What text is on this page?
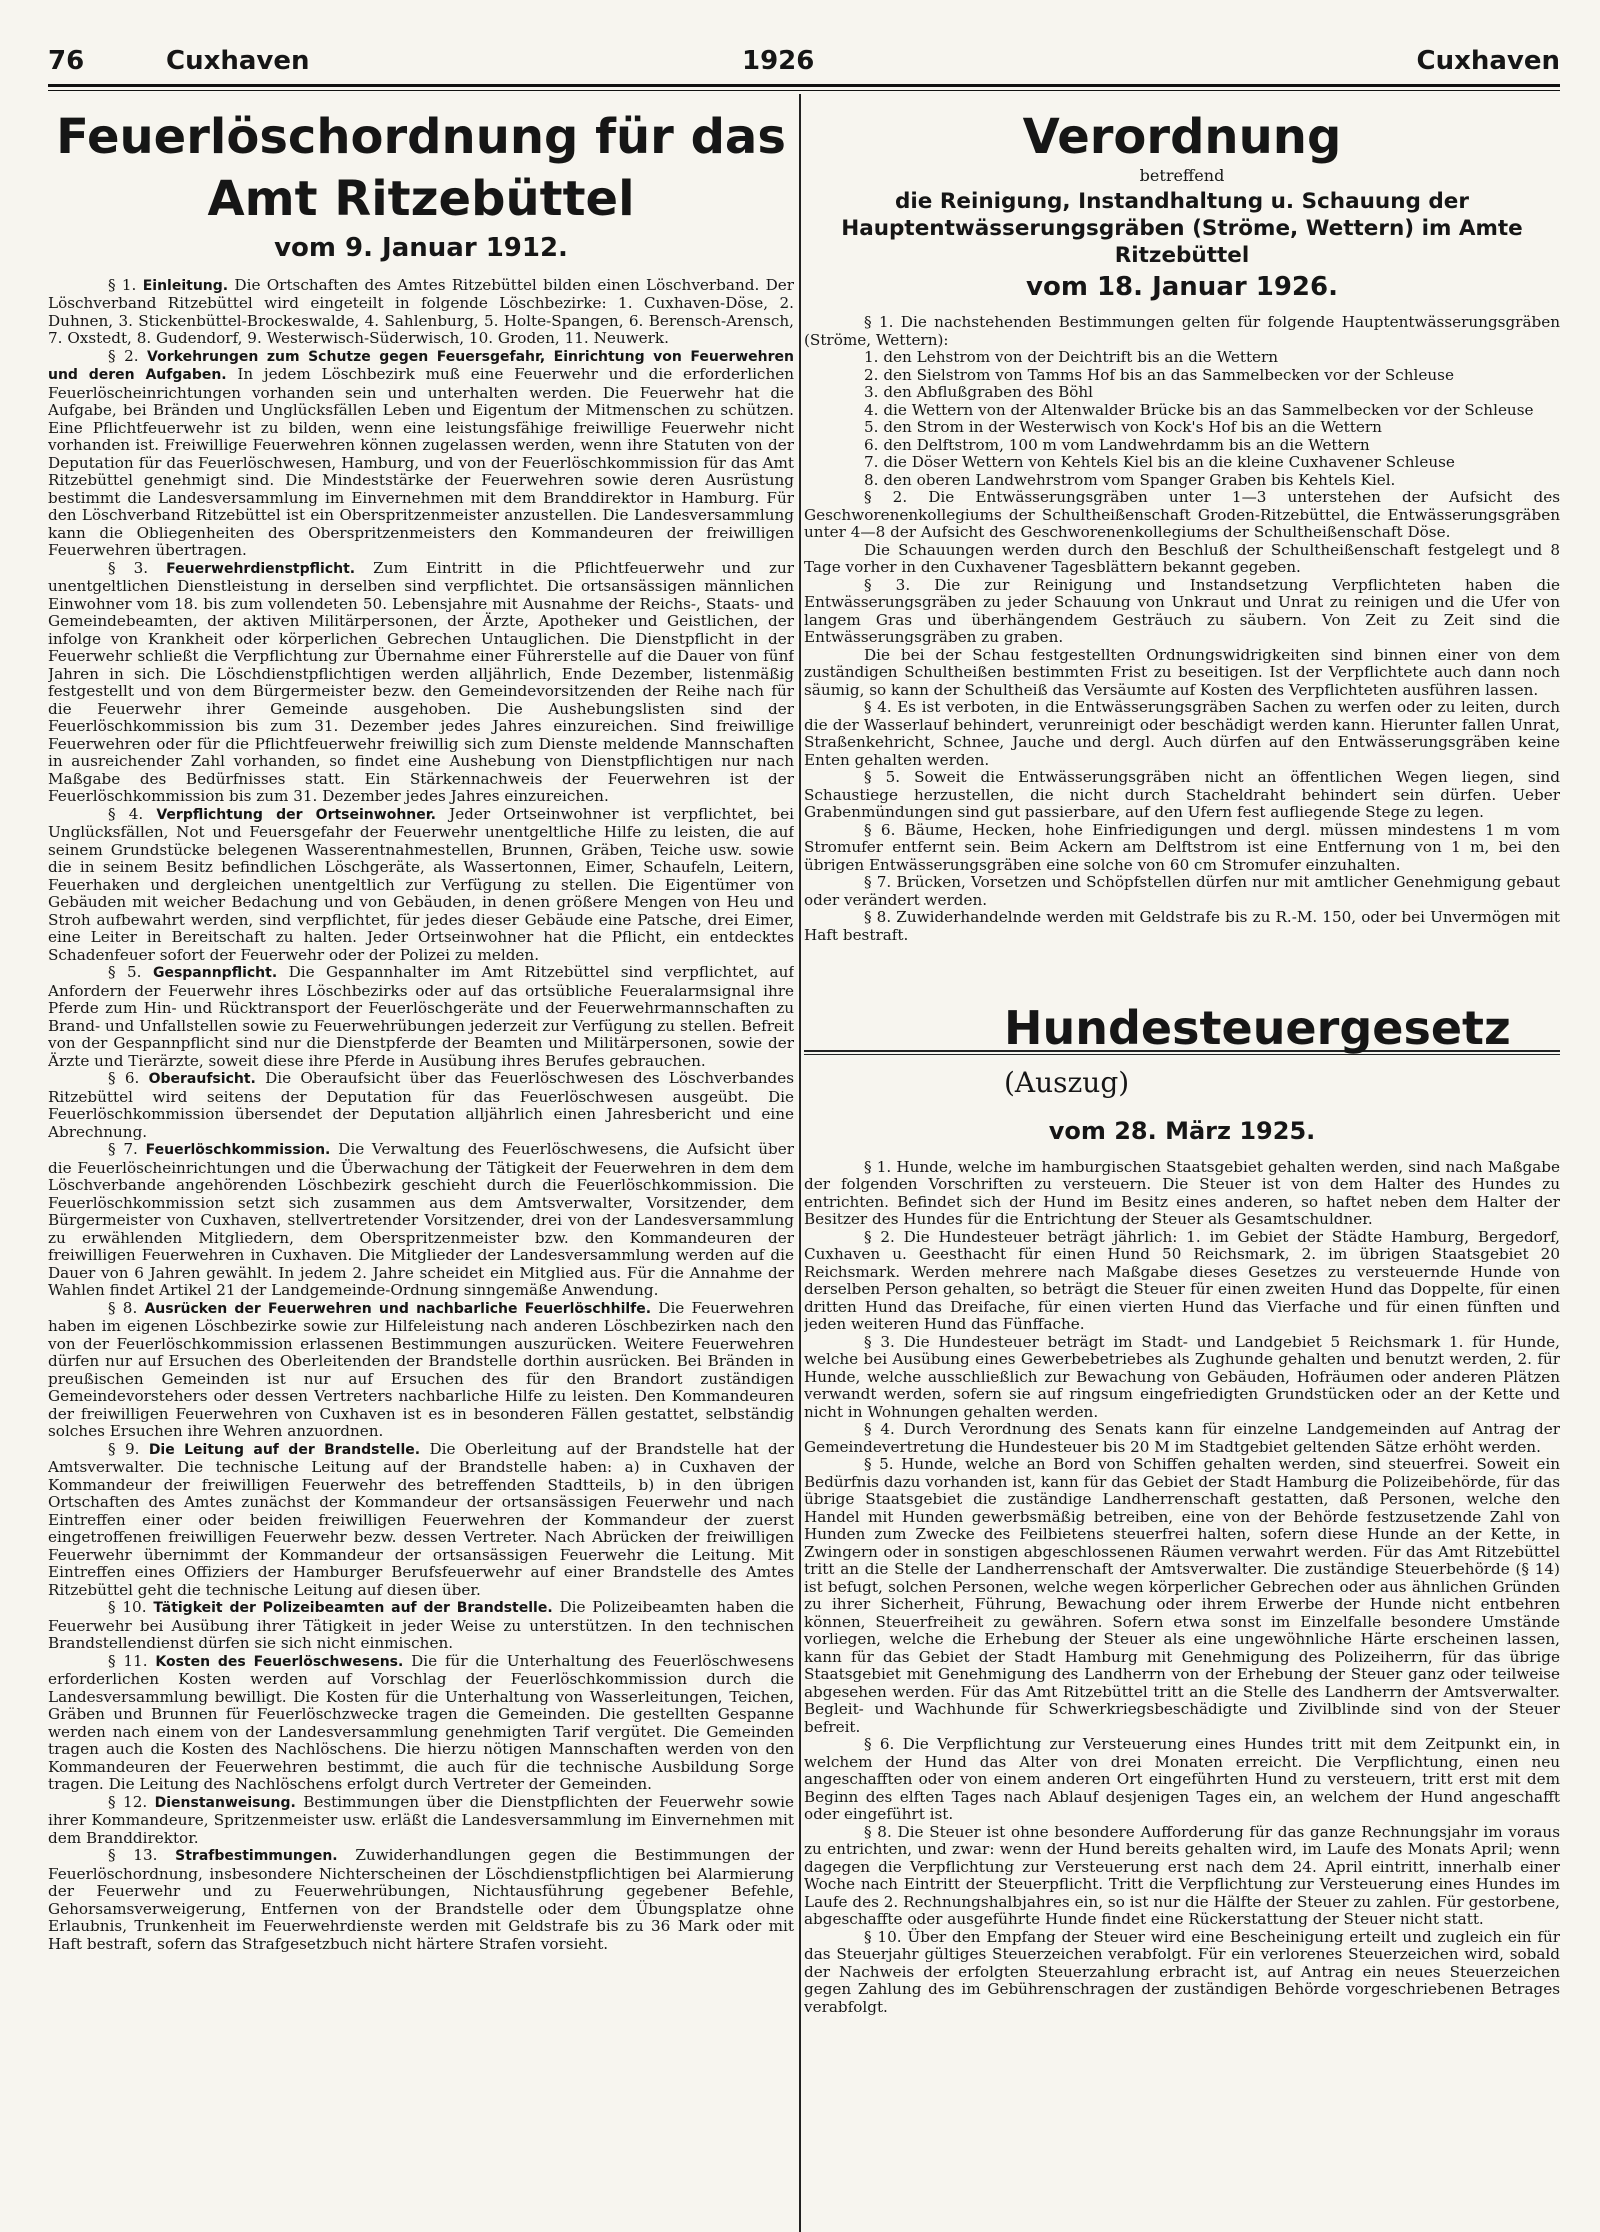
76	Cuxhaven	1926	Cuxhaven
Feuerlöschordnung für das
Amt Ritzebüttel
vom 9. Januar 1912.

§ 1. Einleitung. Die Ortschaften des Amtes Ritzebüttel bilden einen Löschverband. Der Löschverband Ritzebüttel wird eingeteilt in folgende Löschbezirke: 1. Cuxhaven-Döse, 2. Duhnen, 3. Stickenbüttel-Brockeswalde, 4. Sahlenburg, 5. Holte-Spangen, 6. Berensch-Arensch, 7. Oxstedt, 8. Gudendorf, 9. Westerwisch-Süderwisch, 10. Groden, 11. Neuwerk.

§ 2. Vorkehrungen zum Schutze gegen Feuersgefahr, Einrichtung von Feuerwehren und deren Aufgaben. In jedem Löschbezirk muß eine Feuerwehr und die erforderlichen Feuerlöscheinrichtungen vorhanden sein und unterhalten werden. Die Feuerwehr hat die Aufgabe, bei Bränden und Unglücksfällen Leben und Eigentum der Mitmenschen zu schützen. Eine Pflichtfeuerwehr ist zu bilden, wenn eine leistungsfähige freiwillige Feuerwehr nicht vorhanden ist. Freiwillige Feuerwehren können zugelassen werden, wenn ihre Statuten von der Deputation für das Feuerlöschwesen, Hamburg, und von der Feuerlöschkommission für das Amt Ritzebüttel genehmigt sind. Die Mindeststärke der Feuerwehren sowie deren Ausrüstung bestimmt die Landesversammlung im Einvernehmen mit dem Branddirektor in Hamburg. Für den Löschverband Ritzebüttel ist ein Oberspritzenmeister anzustellen. Die Landesversammlung kann die Obliegenheiten des Oberspritzenmeisters den Kommandeuren der freiwilligen Feuerwehren übertragen.

§ 3. Feuerwehrdienstpflicht. Zum Eintritt in die Pflichtfeuerwehr und zur unentgeltlichen Dienstleistung in derselben sind verpflichtet. Die ortsansässigen männlichen Einwohner vom 18. bis zum vollendeten 50. Lebensjahre mit Ausnahme der Reichs-, Staats- und Gemeindebeamten, der aktiven Militärpersonen, der Ärzte, Apotheker und Geistlichen, der infolge von Krankheit oder körperlichen Gebrechen Untauglichen. Die Dienstpflicht in der Feuerwehr schließt die Verpflichtung zur Übernahme einer Führerstelle auf die Dauer von fünf Jahren in sich. Die Löschdienstpflichtigen werden alljährlich, Ende Dezember, listenmäßig festgestellt und von dem Bürgermeister bezw. den Gemeindevorsitzenden der Reihe nach für die Feuerwehr ihrer Gemeinde ausgehoben. Die Aushebungslisten sind der Feuerlöschkommission bis zum 31. Dezember jedes Jahres einzureichen. Sind freiwillige Feuerwehren oder für die Pflichtfeuerwehr freiwillig sich zum Dienste meldende Mannschaften in ausreichender Zahl vorhanden, so findet eine Aushebung von Dienstpflichtigen nur nach Maßgabe des Bedürfnisses statt. Ein Stärkennachweis der Feuerwehren ist der Feuerlöschkommission bis zum 31. Dezember jedes Jahres einzureichen.

§ 4. Verpflichtung der Ortseinwohner. Jeder Ortseinwohner ist verpflichtet, bei Unglücksfällen, Not und Feuersgefahr der Feuerwehr unentgeltliche Hilfe zu leisten, die auf seinem Grundstücke belegenen Wasserentnahmestellen, Brunnen, Gräben, Teiche usw. sowie die in seinem Besitz befindlichen Löschgeräte, als Wassertonnen, Eimer, Schaufeln, Leitern, Feuerhaken und dergleichen unentgeltlich zur Verfügung zu stellen. Die Eigentümer von Gebäuden mit weicher Bedachung und von Gebäuden, in denen größere Mengen von Heu und Stroh aufbewahrt werden, sind verpflichtet, für jedes dieser Gebäude eine Patsche, drei Eimer, eine Leiter in Bereitschaft zu halten. Jeder Ortseinwohner hat die Pflicht, ein entdecktes Schadenfeuer sofort der Feuerwehr oder der Polizei zu melden.

§ 5. Gespannpflicht. Die Gespannhalter im Amt Ritzebüttel sind verpflichtet, auf Anfordern der Feuerwehr ihres Löschbezirks oder auf das ortsübliche Feueralarmsignal ihre Pferde zum Hin- und Rücktransport der Feuerlöschgeräte und der Feuerwehrmannschaften zu Brand- und Unfallstellen sowie zu Feuerwehrübungen jederzeit zur Verfügung zu stellen. Befreit von der Gespannpflicht sind nur die Dienstpferde der Beamten und Militärpersonen, sowie der Ärzte und Tierärzte, soweit diese ihre Pferde in Ausübung ihres Berufes gebrauchen.

§ 6. Oberaufsicht. Die Oberaufsicht über das Feuerlöschwesen des Löschverbandes Ritzebüttel wird seitens der Deputation für das Feuerlöschwesen ausgeübt. Die Feuerlöschkommission übersendet der Deputation alljährlich einen Jahresbericht und eine Abrechnung.

§ 7. Feuerlöschkommission. Die Verwaltung des Feuerlöschwesens, die Aufsicht über die Feuerlöscheinrichtungen und die Überwachung der Tätigkeit der Feuerwehren in dem dem Löschverbande angehörenden Löschbezirk geschieht durch die Feuerlöschkommission. Die Feuerlöschkommission setzt sich zusammen aus dem Amtsverwalter, Vorsitzender, dem Bürgermeister von Cuxhaven, stellvertretender Vorsitzender, drei von der Landesversammlung zu erwählenden Mitgliedern, dem Oberspritzenmeister bzw. den Kommandeuren der freiwilligen Feuerwehren in Cuxhaven. Die Mitglieder der Landesversammlung werden auf die Dauer von 6 Jahren gewählt. In jedem 2. Jahre scheidet ein Mitglied aus. Für die Annahme der Wahlen findet Artikel 21 der Landgemeinde-Ordnung sinngemäße Anwendung.

§ 8. Ausrücken der Feuerwehren und nachbarliche Feuerlöschhilfe. Die Feuerwehren haben im eigenen Löschbezirke sowie zur Hilfeleistung nach anderen Löschbezirken nach den von der Feuerlöschkommission erlassenen Bestimmungen auszurücken. Weitere Feuerwehren dürfen nur auf Ersuchen des Oberleitenden der Brandstelle dorthin ausrücken. Bei Bränden in preußischen Gemeinden ist nur auf Ersuchen des für den Brandort zuständigen Gemeindevorstehers oder dessen Vertreters nachbarliche Hilfe zu leisten. Den Kommandeuren der freiwilligen Feuerwehren von Cuxhaven ist es in besonderen Fällen gestattet, selbständig solches Ersuchen ihre Wehren anzuordnen.

§ 9. Die Leitung auf der Brandstelle. Die Oberleitung auf der Brandstelle hat der Amtsverwalter. Die technische Leitung auf der Brandstelle haben: a) in Cuxhaven der Kommandeur der freiwilligen Feuerwehr des betreffenden Stadtteils, b) in den übrigen Ortschaften des Amtes zunächst der Kommandeur der ortsansässigen Feuerwehr und nach Eintreffen einer oder beiden freiwilligen Feuerwehren der Kommandeur der zuerst eingetroffenen freiwilligen Feuerwehr bezw. dessen Vertreter. Nach Abrücken der freiwilligen Feuerwehr übernimmt der Kommandeur der ortsansässigen Feuerwehr die Leitung. Mit Eintreffen eines Offiziers der Hamburger Berufsfeuerwehr auf einer Brandstelle des Amtes Ritzebüttel geht die technische Leitung auf diesen über.

§ 10. Tätigkeit der Polizeibeamten auf der Brandstelle. Die Polizeibeamten haben die Feuerwehr bei Ausübung ihrer Tätigkeit in jeder Weise zu unterstützen. In den technischen Brandstellendienst dürfen sie sich nicht einmischen.

§ 11. Kosten des Feuerlöschwesens. Die für die Unterhaltung des Feuerlöschwesens erforderlichen Kosten werden auf Vorschlag der Feuerlöschkommission durch die Landesversammlung bewilligt. Die Kosten für die Unterhaltung von Wasserleitungen, Teichen, Gräben und Brunnen für Feuerlöschzwecke tragen die Gemeinden. Die gestellten Gespanne werden nach einem von der Landesversammlung genehmigten Tarif vergütet. Die Gemeinden tragen auch die Kosten des Nachlöschens. Die hierzu nötigen Mannschaften werden von den Kommandeuren der Feuerwehren bestimmt, die auch für die technische Ausbildung Sorge tragen. Die Leitung des Nachlöschens erfolgt durch Vertreter der Gemeinden.

§ 12. Dienstanweisung. Bestimmungen über die Dienstpflichten der Feuerwehr sowie ihrer Kommandeure, Spritzenmeister usw. erläßt die Landesversammlung im Einvernehmen mit dem Branddirektor.

§ 13. Strafbestimmungen. Zuwiderhandlungen gegen die Bestimmungen der Feuerlöschordnung, insbesondere Nichterscheinen der Löschdienstpflichtigen bei Alarmierung der Feuerwehr und zu Feuerwehrübungen, Nichtausführung gegebener Befehle, Gehorsamsverweigerung, Entfernen von der Brandstelle oder dem Übungsplatze ohne Erlaubnis, Trunkenheit im Feuerwehrdienste werden mit Geldstrafe bis zu 36 Mark oder mit Haft bestraft, sofern das Strafgesetzbuch nicht härtere Strafen vorsieht.

Verordnung
betreffend
die Reinigung, Instandhaltung u. Schauung der Hauptentwässerungsgräben (Ströme, Wettern) im Amte Ritzebüttel
vom 18. Januar 1926.

§ 1. Die nachstehenden Bestimmungen gelten für folgende Hauptentwässerungsgräben (Ströme, Wettern):

1. den Lehstrom von der Deichtrift bis an die Wettern

2. den Sielstrom von Tamms Hof bis an das Sammelbecken vor der Schleuse

3. den Abflußgraben des Böhl

4. die Wettern von der Altenwalder Brücke bis an das Sammelbecken vor der Schleuse

5. den Strom in der Westerwisch von Kock's Hof bis an die Wettern

6. den Delftstrom, 100 m vom Landwehrdamm bis an die Wettern

7. die Döser Wettern von Kehtels Kiel bis an die kleine Cuxhavener Schleuse

8. den oberen Landwehrstrom vom Spanger Graben bis Kehtels Kiel.

§ 2. Die Entwässerungsgräben unter 1—3 unterstehen der Aufsicht des Geschworenenkollegiums der Schultheißenschaft Groden-Ritzebüttel, die Entwässerungsgräben unter 4—8 der Aufsicht des Geschworenenkollegiums der Schultheißenschaft Döse.

Die Schauungen werden durch den Beschluß der Schultheißenschaft festgelegt und 8 Tage vorher in den Cuxhavener Tagesblättern bekannt gegeben.

§ 3. Die zur Reinigung und Instandsetzung Verpflichteten haben die Entwässerungsgräben zu jeder Schauung von Unkraut und Unrat zu reinigen und die Ufer von langem Gras und überhängendem Gesträuch zu säubern. Von Zeit zu Zeit sind die Entwässerungsgräben zu graben.

Die bei der Schau festgestellten Ordnungswidrigkeiten sind binnen einer von dem zuständigen Schultheißen bestimmten Frist zu beseitigen. Ist der Verpflichtete auch dann noch säumig, so kann der Schultheiß das Versäumte auf Kosten des Verpflichteten ausführen lassen.

§ 4. Es ist verboten, in die Entwässerungsgräben Sachen zu werfen oder zu leiten, durch die der Wasserlauf behindert, verunreinigt oder beschädigt werden kann. Hierunter fallen Unrat, Straßenkehricht, Schnee, Jauche und dergl. Auch dürfen auf den Entwässerungsgräben keine Enten gehalten werden.

§ 5. Soweit die Entwässerungsgräben nicht an öffentlichen Wegen liegen, sind Schaustiege herzustellen, die nicht durch Stacheldraht behindert sein dürfen. Ueber Grabenmündungen sind gut passierbare, auf den Ufern fest aufliegende Stege zu legen.

§ 6. Bäume, Hecken, hohe Einfriedigungen und dergl. müssen mindestens 1 m vom Stromufer entfernt sein. Beim Ackern am Delftstrom ist eine Entfernung von 1 m, bei den übrigen Entwässerungsgräben eine solche von 60 cm Stromufer einzuhalten.

§ 7. Brücken, Vorsetzen und Schöpfstellen dürfen nur mit amtlicher Genehmigung gebaut oder verändert werden.

§ 8. Zuwiderhandelnde werden mit Geldstrafe bis zu R.-M. 150, oder bei Unvermögen mit Haft bestraft.

Hundesteuergesetz (Auszug)
vom 28. März 1925.

§ 1. Hunde, welche im hamburgischen Staatsgebiet gehalten werden, sind nach Maßgabe der folgenden Vorschriften zu versteuern. Die Steuer ist von dem Halter des Hundes zu entrichten. Befindet sich der Hund im Besitz eines anderen, so haftet neben dem Halter der Besitzer des Hundes für die Entrichtung der Steuer als Gesamtschuldner.

§ 2. Die Hundesteuer beträgt jährlich: 1. im Gebiet der Städte Hamburg, Bergedorf, Cuxhaven u. Geesthacht für einen Hund 50 Reichsmark, 2. im übrigen Staatsgebiet 20 Reichsmark. Werden mehrere nach Maßgabe dieses Gesetzes zu versteuernde Hunde von derselben Person gehalten, so beträgt die Steuer für einen zweiten Hund das Doppelte, für einen dritten Hund das Dreifache, für einen vierten Hund das Vierfache und für einen fünften und jeden weiteren Hund das Fünffache.

§ 3. Die Hundesteuer beträgt im Stadt- und Landgebiet 5 Reichsmark 1. für Hunde, welche bei Ausübung eines Gewerbebetriebes als Zughunde gehalten und benutzt werden, 2. für Hunde, welche ausschließlich zur Bewachung von Gebäuden, Hofräumen oder anderen Plätzen verwandt werden, sofern sie auf ringsum eingefriedigten Grundstücken oder an der Kette und nicht in Wohnungen gehalten werden.

§ 4. Durch Verordnung des Senats kann für einzelne Landgemeinden auf Antrag der Gemeindevertretung die Hundesteuer bis 20 M im Stadtgebiet geltenden Sätze erhöht werden.

§ 5. Hunde, welche an Bord von Schiffen gehalten werden, sind steuerfrei. Soweit ein Bedürfnis dazu vorhanden ist, kann für das Gebiet der Stadt Hamburg die Polizeibehörde, für das übrige Staatsgebiet die zuständige Landherrenschaft gestatten, daß Personen, welche den Handel mit Hunden gewerbsmäßig betreiben, eine von der Behörde festzusetzende Zahl von Hunden zum Zwecke des Feilbietens steuerfrei halten, sofern diese Hunde an der Kette, in Zwingern oder in sonstigen abgeschlossenen Räumen verwahrt werden. Für das Amt Ritzebüttel tritt an die Stelle der Landherrenschaft der Amtsverwalter. Die zuständige Steuerbehörde (§ 14) ist befugt, solchen Personen, welche wegen körperlicher Gebrechen oder aus ähnlichen Gründen zu ihrer Sicherheit, Führung, Bewachung oder ihrem Erwerbe der Hunde nicht entbehren können, Steuerfreiheit zu gewähren. Sofern etwa sonst im Einzelfalle besondere Umstände vorliegen, welche die Erhebung der Steuer als eine ungewöhnliche Härte erscheinen lassen, kann für das Gebiet der Stadt Hamburg mit Genehmigung des Polizeiherrn, für das übrige Staatsgebiet mit Genehmigung des Landherrn von der Erhebung der Steuer ganz oder teilweise abgesehen werden. Für das Amt Ritzebüttel tritt an die Stelle des Landherrn der Amtsverwalter. Begleit- und Wachhunde für Schwerkriegsbeschädigte und Zivilblinde sind von der Steuer befreit.

§ 6. Die Verpflichtung zur Versteuerung eines Hundes tritt mit dem Zeitpunkt ein, in welchem der Hund das Alter von drei Monaten erreicht. Die Verpflichtung, einen neu angeschafften oder von einem anderen Ort eingeführten Hund zu versteuern, tritt erst mit dem Beginn des elften Tages nach Ablauf desjenigen Tages ein, an welchem der Hund angeschafft oder eingeführt ist.

§ 8. Die Steuer ist ohne besondere Aufforderung für das ganze Rechnungsjahr im voraus zu entrichten, und zwar: wenn der Hund bereits gehalten wird, im Laufe des Monats April; wenn dagegen die Verpflichtung zur Versteuerung erst nach dem 24. April eintritt, innerhalb einer Woche nach Eintritt der Steuerpflicht. Tritt die Verpflichtung zur Versteuerung eines Hundes im Laufe des 2. Rechnungshalbjahres ein, so ist nur die Hälfte der Steuer zu zahlen. Für gestorbene, abgeschaffte oder ausgeführte Hunde findet eine Rückerstattung der Steuer nicht statt.

§ 10. Über den Empfang der Steuer wird eine Bescheinigung erteilt und zugleich ein für das Steuerjahr gültiges Steuerzeichen verabfolgt. Für ein verlorenes Steuerzeichen wird, sobald der Nachweis der erfolgten Steuerzahlung erbracht ist, auf Antrag ein neues Steuerzeichen gegen Zahlung des im Gebührenschragen der zuständigen Behörde vorgeschriebenen Betrages verabfolgt.
